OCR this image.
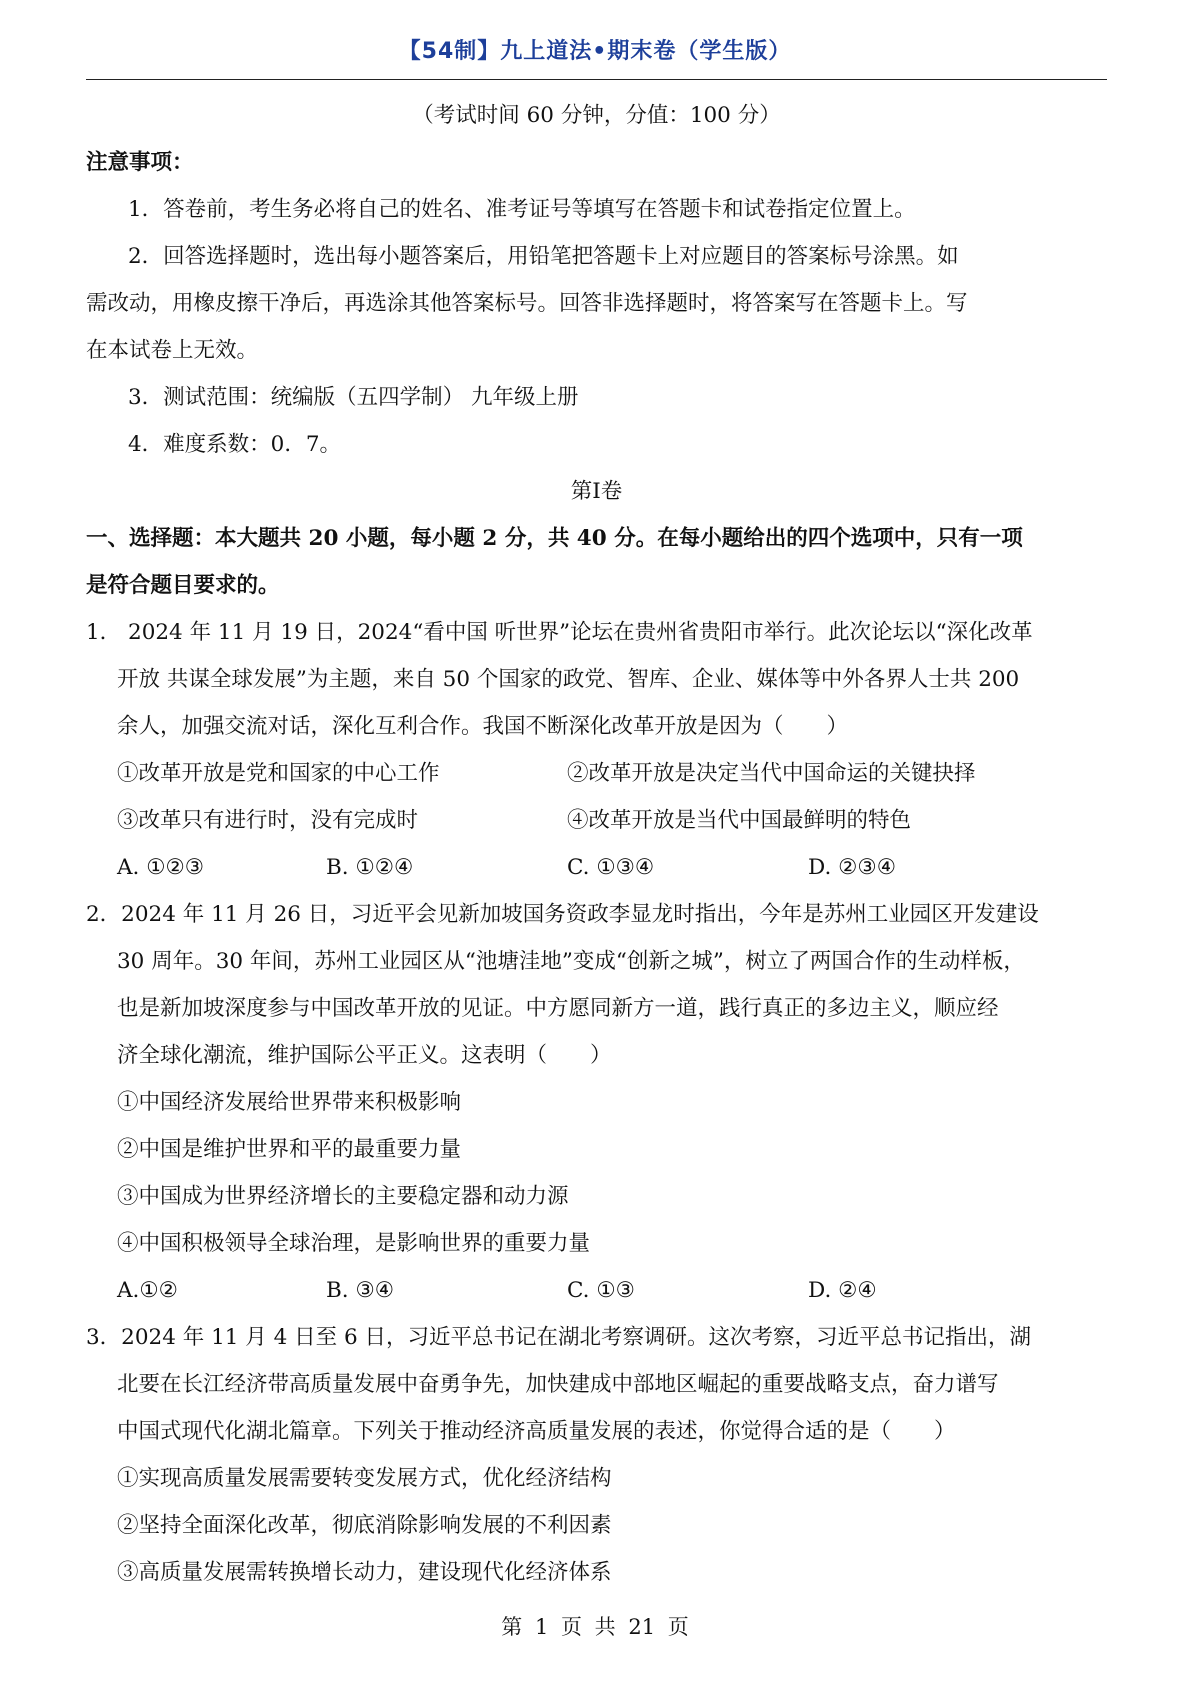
【54制】九上道法•期末卷（学生版）
（考试时间 60 分钟，分值：100 分）
注意事项：
1．答卷前，考生务必将自己的姓名、准考证号等填写在答题卡和试卷指定位置上。
2．回答选择题时，选出每小题答案后，用铅笔把答题卡上对应题目的答案标号涂黑。如
需改动，用橡皮擦干净后，再选涂其他答案标号。回答非选择题时，将答案写在答题卡上。写
在本试卷上无效。
3．测试范围：统编版（五四学制） 九年级上册
4．难度系数：0．7。
第Ⅰ卷
一、选择题：本大题共 20 小题，每小题 2 分，共 40 分。在每小题给出的四个选项中，只有一项
是符合题目要求的。
1． 2024 年 11 月 19 日，2024“看中国 听世界”论坛在贵州省贵阳市举行。此次论坛以“深化改革
开放 共谋全球发展”为主题，来自 50 个国家的政党、智库、企业、媒体等中外各界人士共 200
余人，加强交流对话，深化互利合作。我国不断深化改革开放是因为（　　）
①改革开放是党和国家的中心工作	②改革开放是决定当代中国命运的关键抉择
③改革只有进行时，没有完成时	④改革开放是当代中国最鲜明的特色
A. ①②③	B. ①②④	C. ①③④	D. ②③④
2．2024 年 11 月 26 日，习近平会见新加坡国务资政李显龙时指出，今年是苏州工业园区开发建设
30 周年。30 年间，苏州工业园区从“池塘洼地”变成“创新之城”，树立了两国合作的生动样板，
也是新加坡深度参与中国改革开放的见证。中方愿同新方一道，践行真正的多边主义，顺应经
济全球化潮流，维护国际公平正义。这表明（　　）
①中国经济发展给世界带来积极影响
②中国是维护世界和平的最重要力量
③中国成为世界经济增长的主要稳定器和动力源
④中国积极领导全球治理，是影响世界的重要力量
A.①②	B. ③④	C. ①③	D. ②④
3．2024 年 11 月 4 日至 6 日，习近平总书记在湖北考察调研。这次考察，习近平总书记指出，湖
北要在长江经济带高质量发展中奋勇争先，加快建成中部地区崛起的重要战略支点，奋力谱写
中国式现代化湖北篇章。下列关于推动经济高质量发展的表述，你觉得合适的是（　　）
①实现高质量发展需要转变发展方式，优化经济结构
②坚持全面深化改革，彻底消除影响发展的不利因素
③高质量发展需转换增长动力，建设现代化经济体系
第 1 页 共 21 页
